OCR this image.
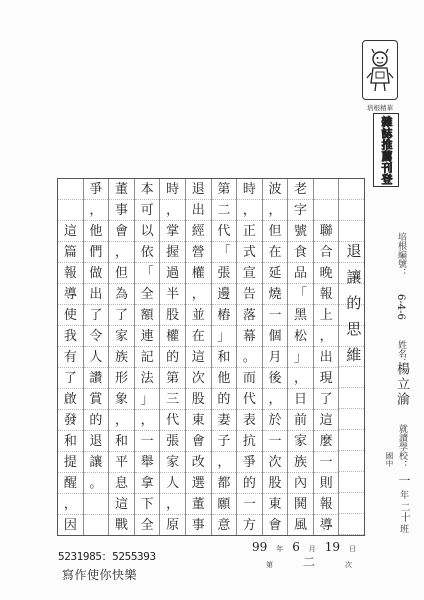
培根精華
雜誌推薦刊登
培根編號：
6-4-6
姓名：
楊立渝
就讀學校：
國中
一
年
二十
班
退讓的思維
聯
合
晚
報
上
，
出
現
了
這
麼
一
則
報
導
老
字
號
食
品
「
黑
松
」
，
日
前
家
族
內
鬨
風
波
，
但
在
延
燒
一
個
月
後
，
於
一
次
股
東
會
時
，
正
式
宣
告
落
幕
。
而
代
表
抗
爭
的
一
方
第
二
代
「
張
邊
樁
」
和
他
的
妻
子
，
都
願
意
退
出
經
營
權
，
並
在
這
次
股
東
會
改
選
董
事
時
，
掌
握
過
半
股
權
的
第
三
代
張
家
人
，
原
本
可
以
依
「
全
額
連
記
法
」
，
一
舉
拿
下
全
董
事
會
，
但
為
了
家
族
形
象
，
和
平
息
這
戰
爭
，
他
們
做
出
了
令
人
讚
賞
的
退
讓
。
這
篇
報
導
使
我
有
了
啟
發
和
提
醒
，
因
5231985：5255393
寫作使你快樂
99 年 6 月 19 日
第 二	次
